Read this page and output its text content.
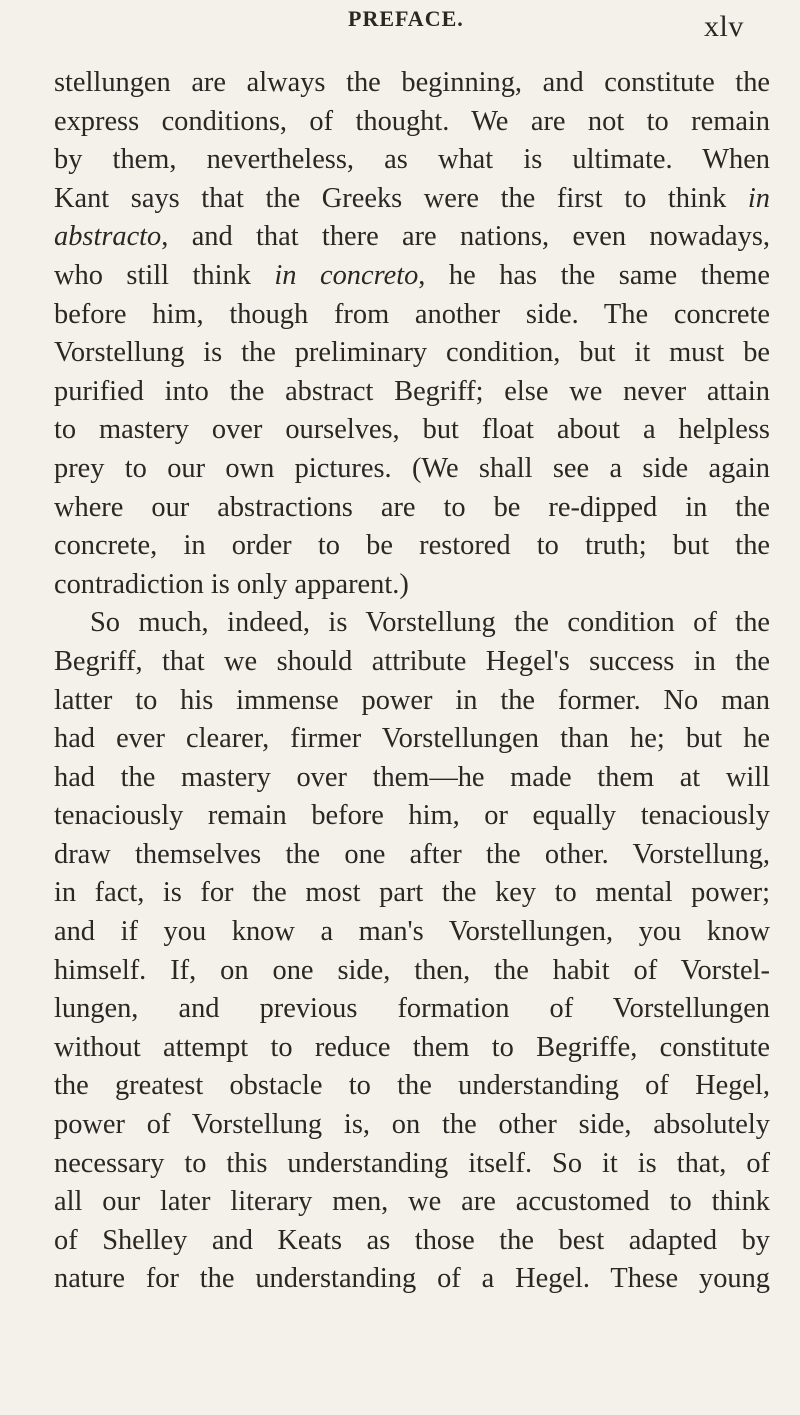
PREFACE.	xlv
stellungen are always the beginning, and constitute the
express conditions, of thought. We are not to remain
by them, nevertheless, as what is ultimate. When
Kant says that the Greeks were the first to think in
abstracto, and that there are nations, even nowadays,
who still think in concreto, he has the same theme
before him, though from another side. The concrete
Vorstellung is the preliminary condition, but it must be
purified into the abstract Begriff; else we never attain
to mastery over ourselves, but float about a helpless
prey to our own pictures. (We shall see a side again
where our abstractions are to be re-dipped in the
concrete, in order to be restored to truth; but the
contradiction is only apparent.)
So much, indeed, is Vorstellung the condition of the
Begriff, that we should attribute Hegel's success in the
latter to his immense power in the former. No man
had ever clearer, firmer Vorstellungen than he; but he
had the mastery over them—he made them at will
tenaciously remain before him, or equally tenaciously
draw themselves the one after the other. Vorstellung,
in fact, is for the most part the key to mental power;
and if you know a man's Vorstellungen, you know
himself. If, on one side, then, the habit of Vorstel-
lungen, and previous formation of Vorstellungen
without attempt to reduce them to Begriffe, constitute
the greatest obstacle to the understanding of Hegel,
power of Vorstellung is, on the other side, absolutely
necessary to this understanding itself. So it is that, of
all our later literary men, we are accustomed to think
of Shelley and Keats as those the best adapted by
nature for the understanding of a Hegel. These young
